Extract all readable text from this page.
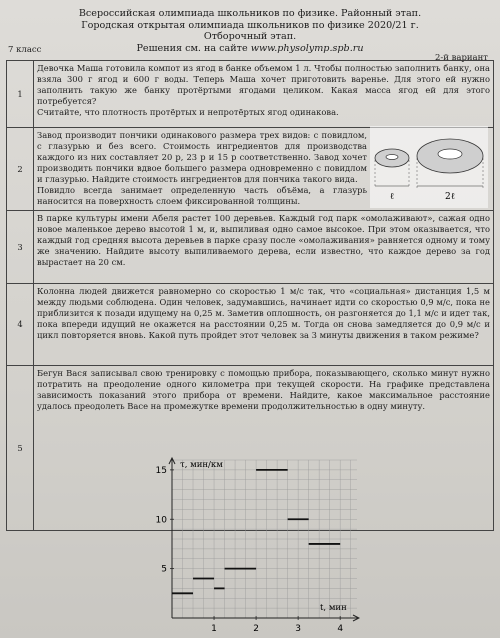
Всероссийская олимпиада школьников по физике. Районный этап.
Городская открытая олимпиада школьников по физике 2020/21 г. Отборочный этап.
Решения см. на сайте www.physolymp.spb.ru
7 класс
2-й вариант
1	Девочка Маша готовила компот из ягод в банке объемом 1 л. Чтобы полностью заполнить банку, она взяла 300 г ягод и 600 г воды. Теперь Маша хочет приготовить варенье. Для этого ей нужно заполнить такую же банку протёртыми ягодами целиком. Какая масса ягод ей для этого потребуется?

Считайте, что плотность протёртых и непротёртых ягод одинакова.

2	Завод производит пончики одинакового размера трех видов: с повидлом, с глазурью и без всего. Стоимость ингредиентов для производства каждого из них составляет 20 р, 23 р и 15 р соответственно. Завод хочет производить пончики вдвое большего размера одновременно с повидлом и глазурью. Найдите стоимость ингредиентов для пончика такого вида.

Повидло всегда занимает определенную часть объёма, а глазурь наносится на поверхность слоем фиксированной толщины.

3	В парке культуры имени Абеля растет 100 деревьев. Каждый год парк «омолаживают», сажая одно новое маленькое дерево высотой 1 м, и, выпиливая одно самое высокое. При этом оказывается, что каждый год средняя высота деревьев в парке сразу после «омолаживания» равняется одному и тому же значению. Найдите высоту выпиливаемого дерева, если известно, что каждое дерево за год вырастает на 20 см.

4	Колонна людей движется равномерно со скоростью 1 м/с так, что «социальная» дистанция 1,5 м между людьми соблюдена. Один человек, задумавшись, начинает идти со скоростью 0,9 м/с, пока не приблизится к позади идущему на 0,25 м. Заметив оплошность, он разгоняется до 1,1 м/с и идет так, пока впереди идущий не окажется на расстоянии 0,25 м. Тогда он снова замедляется до 0,9 м/с и цикл повторяется вновь. Какой путь пройдет этот человек за 3 минуты движения в таком режиме?

5	Бегун Вася записывал свою тренировку с помощью прибора, показывающего, сколько минут нужно потратить на преодоление одного километра при текущей скорости. На графике представлена зависимость показаний этого прибора от времени. Найдите, какое максимальное расстояние удалось преодолеть Васе на промежутке времени продолжительностью в одну минуту.

ℓ	2ℓ
τ, мин/км
t, мин
5
10
15
1	2	3	4
